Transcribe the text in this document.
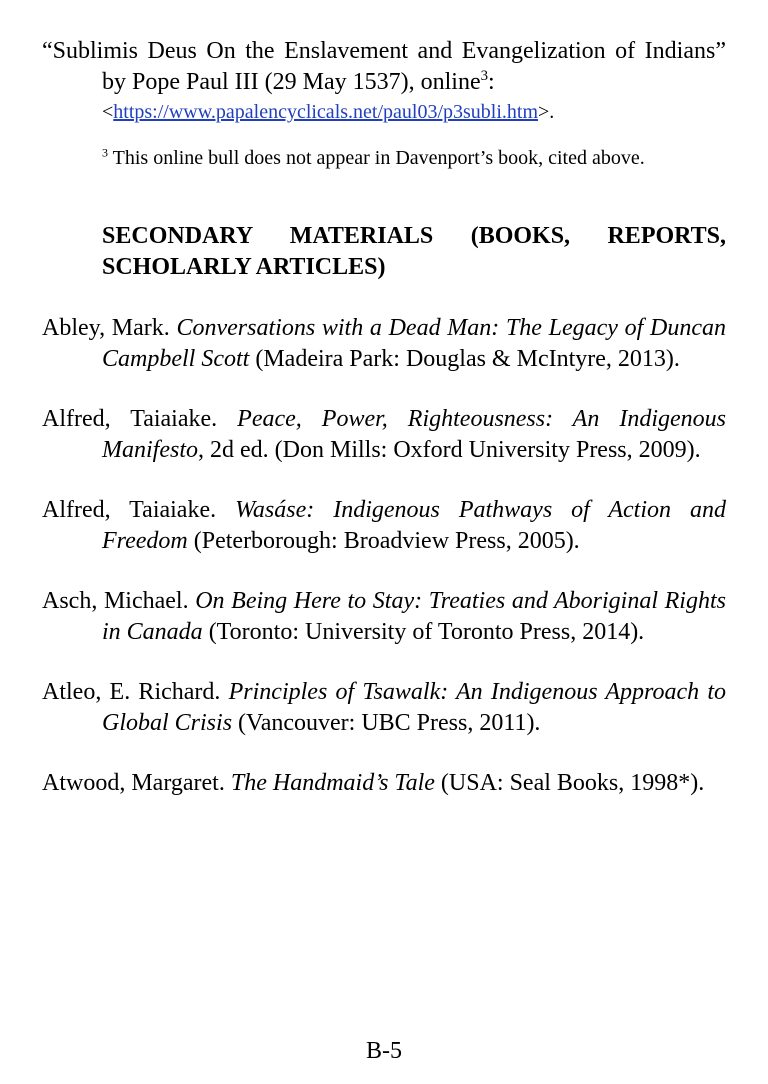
“Sublimis Deus On the Enslavement and Evangelization of Indians” by Pope Paul III (29 May 1537), online$^3$:
<https://www.papalencyclicals.net/paul03/p3subli.htm>.
$^3$ This online bull does not appear in Davenport’s book, cited above.
SECONDARY MATERIALS (BOOKS, REPORTS, SCHOLARLY ARTICLES)
Abley, Mark. Conversations with a Dead Man: The Legacy of Duncan Campbell Scott (Madeira Park: Douglas & McIntyre, 2013).
Alfred, Taiaiake. Peace, Power, Righteousness: An Indigenous Manifesto, 2d ed. (Don Mills: Oxford University Press, 2009).
Alfred, Taiaiake. Wasáse: Indigenous Pathways of Action and Freedom (Peterborough: Broadview Press, 2005).
Asch, Michael. On Being Here to Stay: Treaties and Aboriginal Rights in Canada (Toronto: University of Toronto Press, 2014).
Atleo, E. Richard. Principles of Tsawalk: An Indigenous Approach to Global Crisis (Vancouver: UBC Press, 2011).
Atwood, Margaret. The Handmaid’s Tale (USA: Seal Books, 1998*).
B-5
